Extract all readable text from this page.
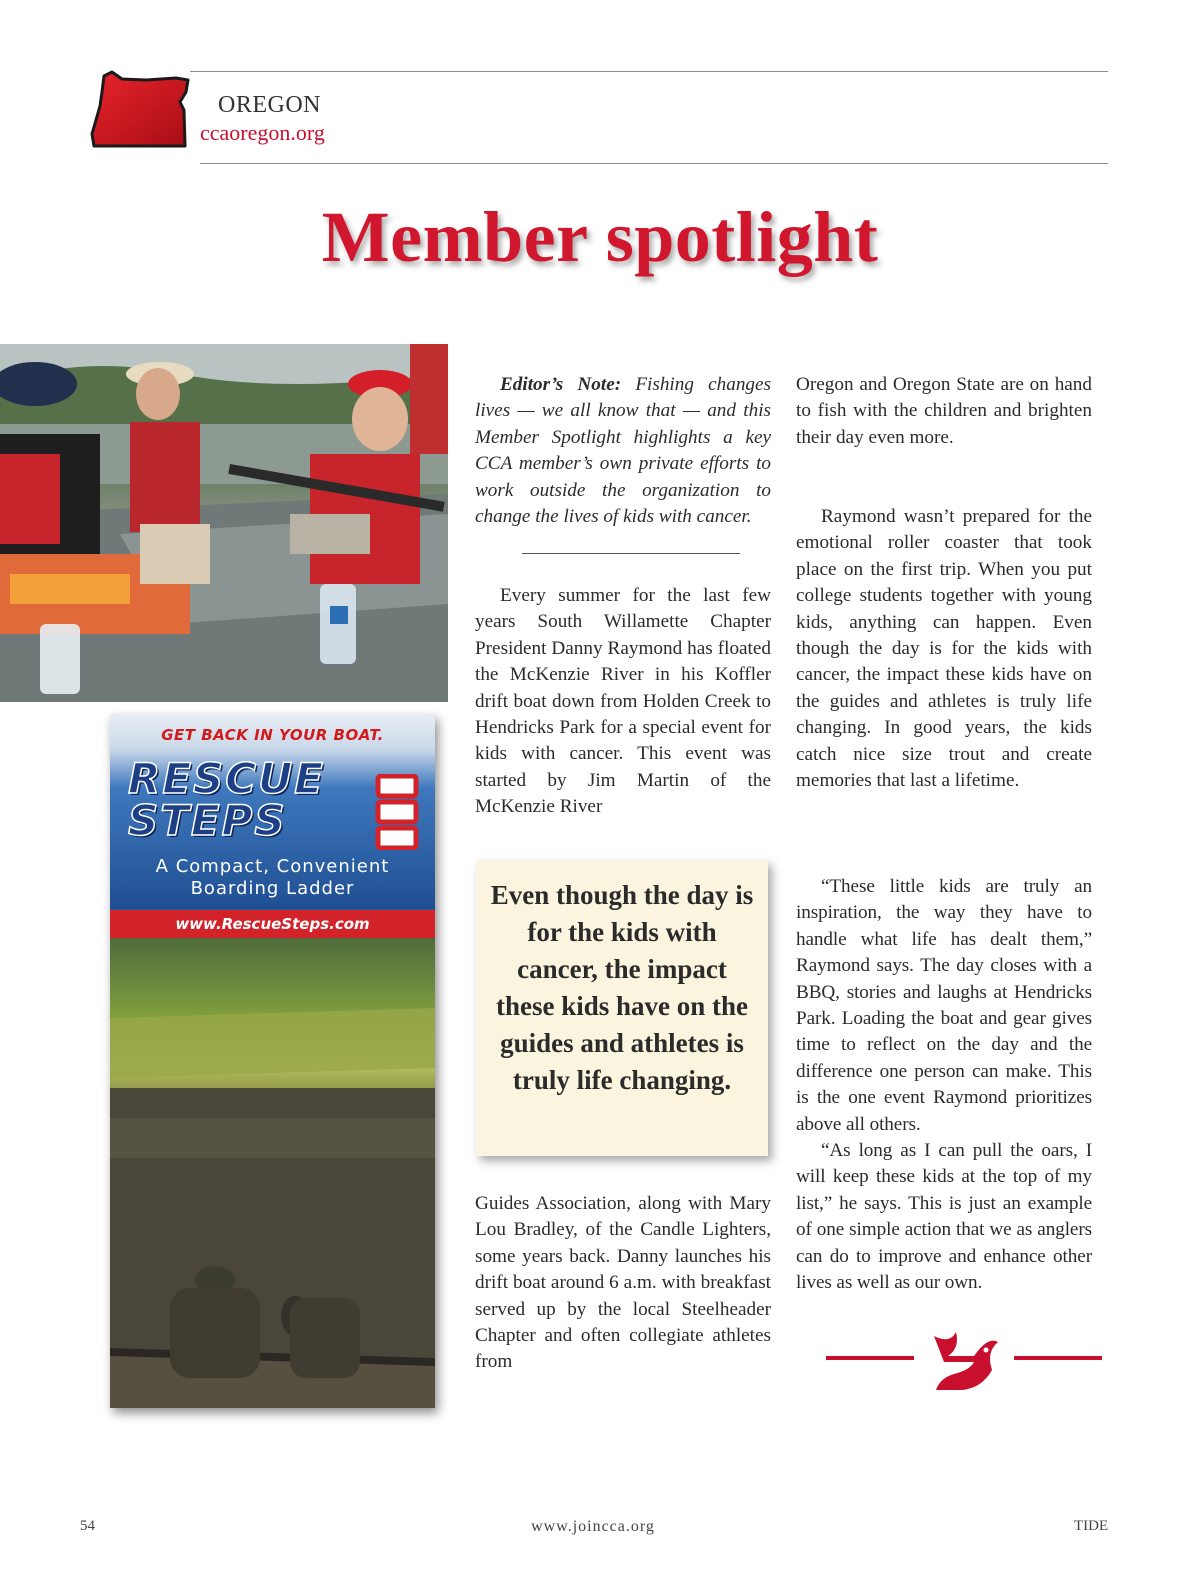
OREGON
ccaoregon.org
Member spotlight
GET BACK IN YOUR BOAT.
RESCUE
STEPS
A Compact, Convenient
Boarding Ladder
www.RescueSteps.com

Editor’s Note: Fishing changes lives — we all know that — and this Member Spotlight highlights a key CCA member’s own private efforts to work outside the organization to change the lives of kids with cancer.

Every summer for the last few years South Willamette Chapter President Danny Raymond has floated the McKenzie River in his Koffler drift boat down from Holden Creek to Hendricks Park for a special event for kids with cancer. This event was started by Jim Martin of the McKenzie River

Even though the day is for the kids with cancer, the impact these kids have on the guides and athletes is truly life changing.

Guides Association, along with Mary Lou Bradley, of the Candle Lighters, some years back. Danny launches his drift boat around 6 a.m. with breakfast served up by the local Steelheader Chapter and often collegiate athletes from

Oregon and Oregon State are on hand to fish with the children and brighten their day even more.

Raymond wasn’t prepared for the emotional roller coaster that took place on the first trip. When you put college students together with young kids, anything can happen. Even though the day is for the kids with cancer, the impact these kids have on the guides and athletes is truly life changing. In good years, the kids catch nice size trout and create memories that last a lifetime.

“These little kids are truly an inspiration, the way they have to handle what life has dealt them,” Raymond says. The day closes with a BBQ, stories and laughs at Hendricks Park. Loading the boat and gear gives time to reflect on the day and the difference one person can make. This is the one event Raymond prioritizes above all others.

“As long as I can pull the oars, I will keep these kids at the top of my list,” he says. This is just an example of one simple action that we as anglers can do to improve and enhance other lives as well as our own.

54	www.joincca.org	TIDE
